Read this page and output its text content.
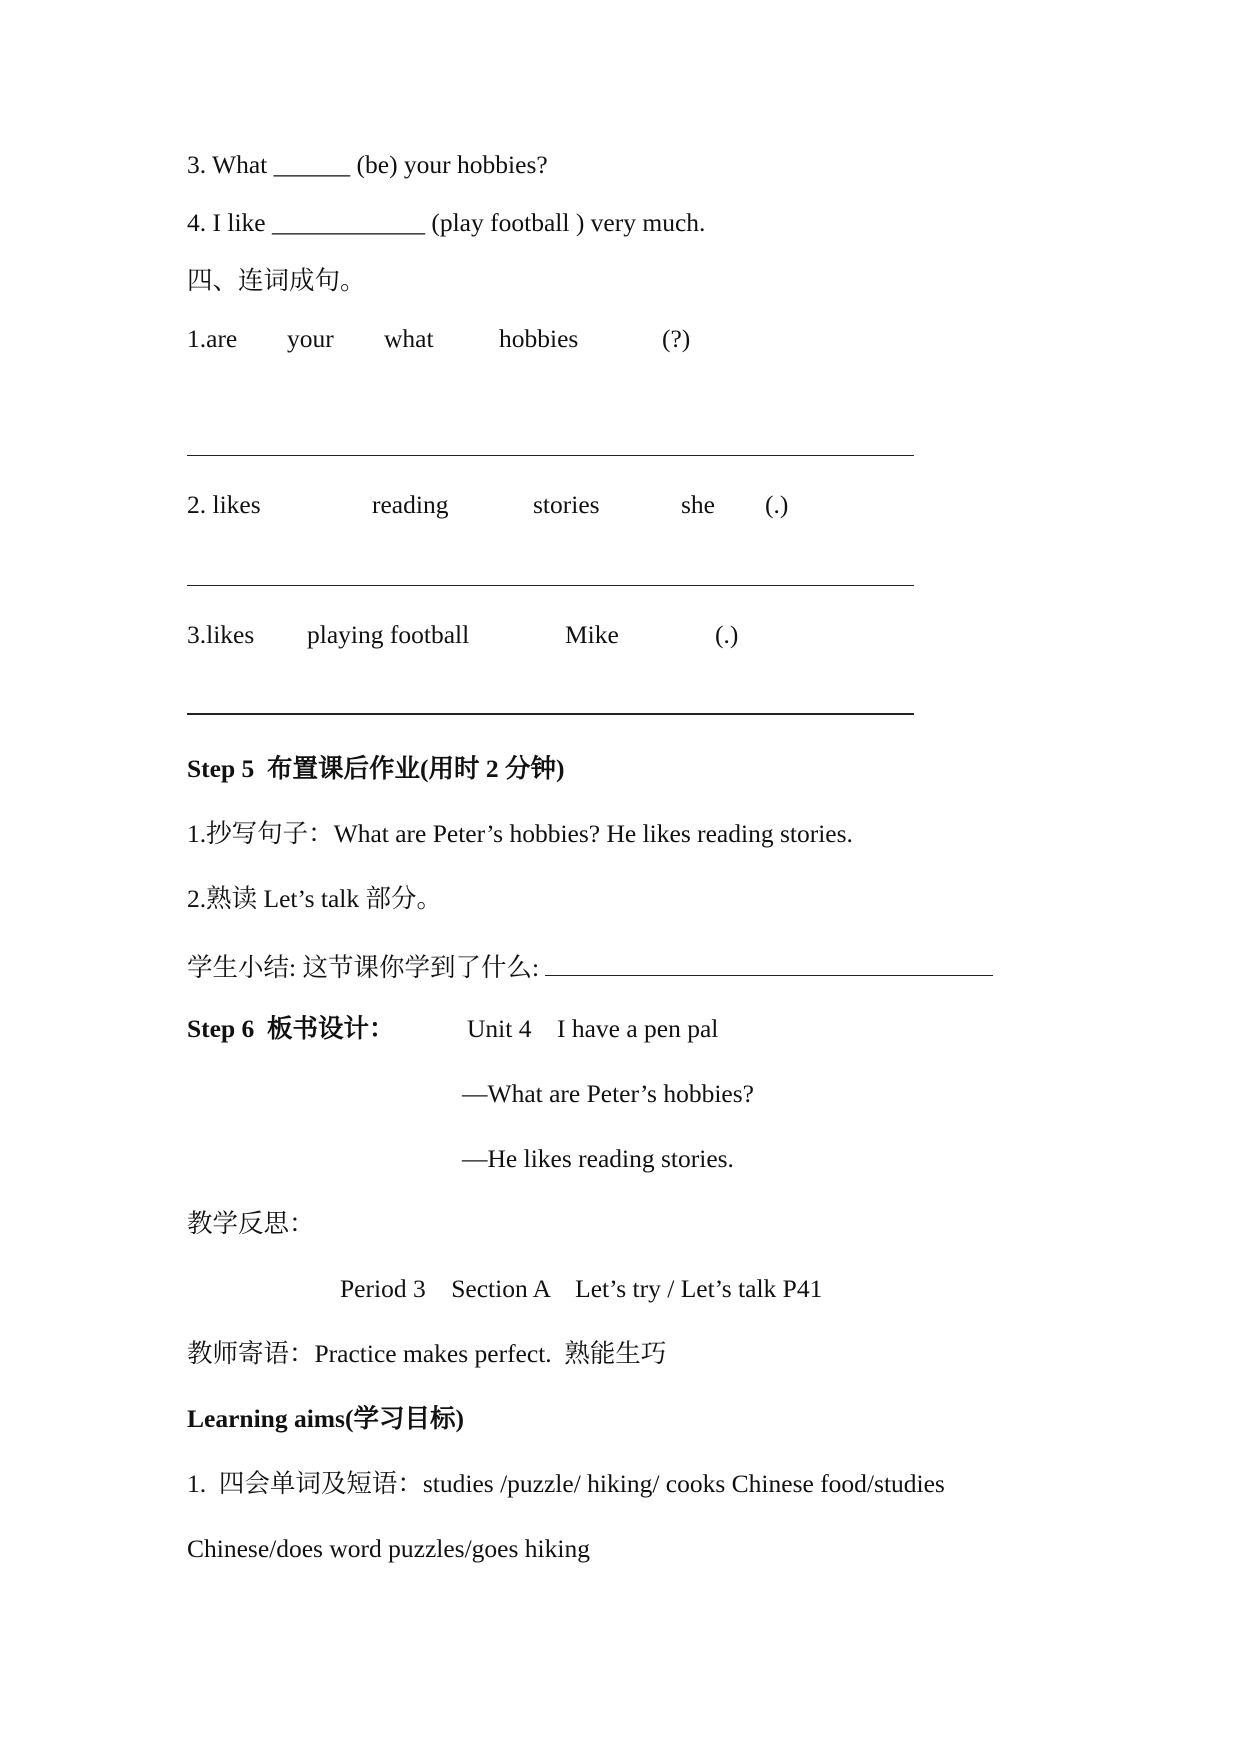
3. What ______ (be) your hobbies?
4. I like ____________ (play football ) very much.
四、连词成句。

1.are

your

what

	hobbies

	(?)

2. likes

	reading

	stories

	she

(.)

3.likes

playing football

	Mike

	(.)

Step 5  布置课后作业(用时 2 分钟)
1.抄写句子：What are Peter’s hobbies? He likes reading stories.
2.熟读 Let’s talk 部分。
学生小结: 这节课你学到了什么:

Step 6  板书设计：

	Unit 4    I have a pen pal

—What are Peter’s hobbies?
—He likes reading stories.
教学反思：
Period 3    Section A    Let’s try / Let’s talk P41
教师寄语：Practice makes perfect.  熟能生巧
Learning aims(学习目标)
1.  四会单词及短语：studies /puzzle/ hiking/ cooks Chinese food/studies
Chinese/does word puzzles/goes hiking
